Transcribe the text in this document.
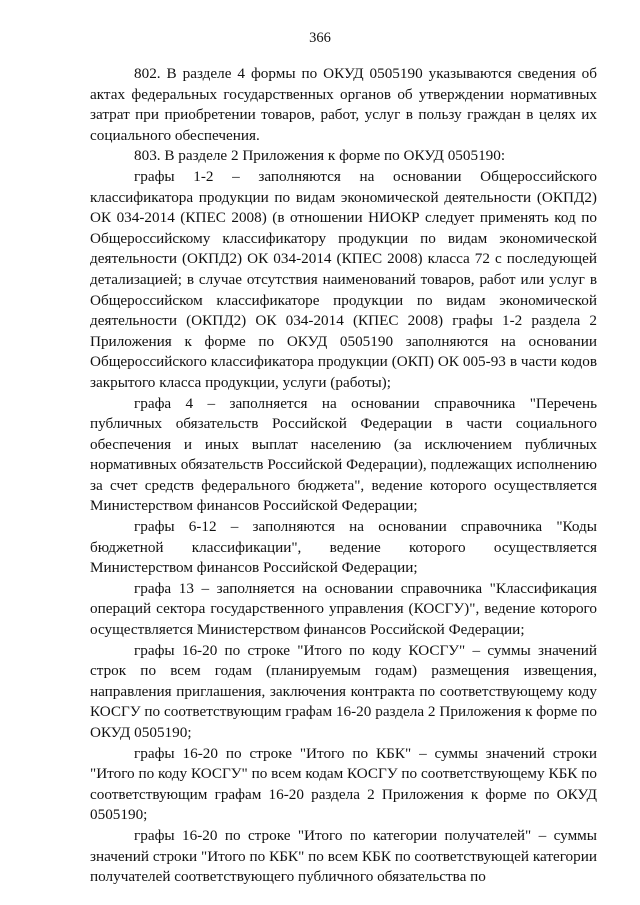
366

802. В разделе 4 формы по ОКУД 0505190 указываются сведения об актах федеральных государственных органов об утверждении нормативных затрат при приобретении товаров, работ, услуг в пользу граждан в целях их социального обеспечения.

803. В разделе 2 Приложения к форме по ОКУД 0505190:

графы 1-2 – заполняются на основании Общероссийского классификатора продукции по видам экономической деятельности (ОКПД2) ОК 034-2014 (КПЕС 2008) (в отношении НИОКР следует применять код по Общероссийскому классификатору продукции по видам экономической деятельности (ОКПД2) ОК 034-2014 (КПЕС 2008) класса 72 с последующей детализацией; в случае отсутствия наименований товаров, работ или услуг в Общероссийском классификаторе продукции по видам экономической деятельности (ОКПД2) ОК 034-2014 (КПЕС 2008) графы 1-2 раздела 2 Приложения к форме по ОКУД 0505190 заполняются на основании Общероссийского классификатора продукции (ОКП) ОК 005-93 в части кодов закрытого класса продукции, услуги (работы);

графа 4 – заполняется на основании справочника "Перечень публичных обязательств Российской Федерации в части социального обеспечения и иных выплат населению (за исключением публичных нормативных обязательств Российской Федерации), подлежащих исполнению за счет средств федерального бюджета", ведение которого осуществляется Министерством финансов Российской Федерации;

графы 6-12 – заполняются на основании справочника "Коды бюджетной классификации", ведение которого осуществляется Министерством финансов Российской Федерации;

графа 13 – заполняется на основании справочника "Классификация операций сектора государственного управления (КОСГУ)", ведение которого осуществляется Министерством финансов Российской Федерации;

графы 16-20 по строке "Итого по коду КОСГУ" – суммы значений строк по всем годам (планируемым годам) размещения извещения, направления приглашения, заключения контракта по соответствующему коду КОСГУ по соответствующим графам 16-20 раздела 2 Приложения к форме по ОКУД 0505190;

графы 16-20 по строке "Итого по КБК" – суммы значений строки "Итого по коду КОСГУ" по всем кодам КОСГУ по соответствующему КБК по соответствующим графам 16-20 раздела 2 Приложения к форме по ОКУД 0505190;

графы 16-20 по строке "Итого по категории получателей" – суммы значений строки "Итого по КБК" по всем КБК по соответствующей категории получателей соответствующего публичного обязательства по
